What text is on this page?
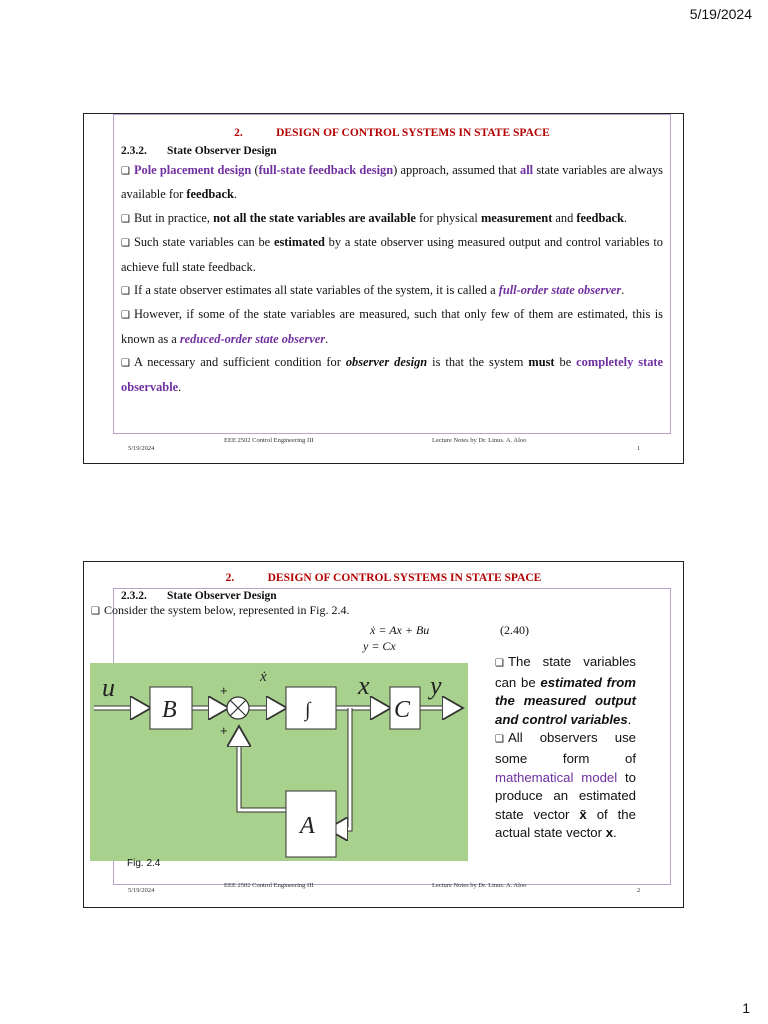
5/19/2024
2.	DESIGN OF CONTROL SYSTEMS IN STATE SPACE
2.3.2. State Observer Design

❑ Pole placement design (full-state feedback design) approach, assumed that all state variables are always available for feedback.

❑ But in practice, not all the state variables are available for physical measurement and feedback.

❑ Such state variables can be estimated by a state observer using measured output and control variables to achieve full state feedback.

❑ If a state observer estimates all state variables of the system, it is called a full-order state observer.

❑ However, if some of the state variables are measured, such that only few of them are estimated, this is known as a reduced-order state observer.

❑ A necessary and sufficient condition for observer design is that the system must be completely state observable.

5/19/2024
EEE 2502 Control Engineering III	Lecture Notes by Dr. Linus. A. Aloo
1
2.	DESIGN OF CONTROL SYSTEMS IN STATE SPACE
2.3.2. State Observer Design
❑ Consider the system below, represented in Fig. 2.4.
ẋ = Ax + Bu
y = Cx
(2.40)
u
B	∫	C
A
x y
ẋ
+
+
Fig. 2.4

❑ The state variables can be estimated from the measured output and control variables.

❑ All observers use some form of mathematical model to produce an estimated state vector x̃ of the actual state vector x.

5/19/2024
EEE 2502 Control Engineering III	Lecture Notes by Dr. Linus. A. Aloo
2
1
